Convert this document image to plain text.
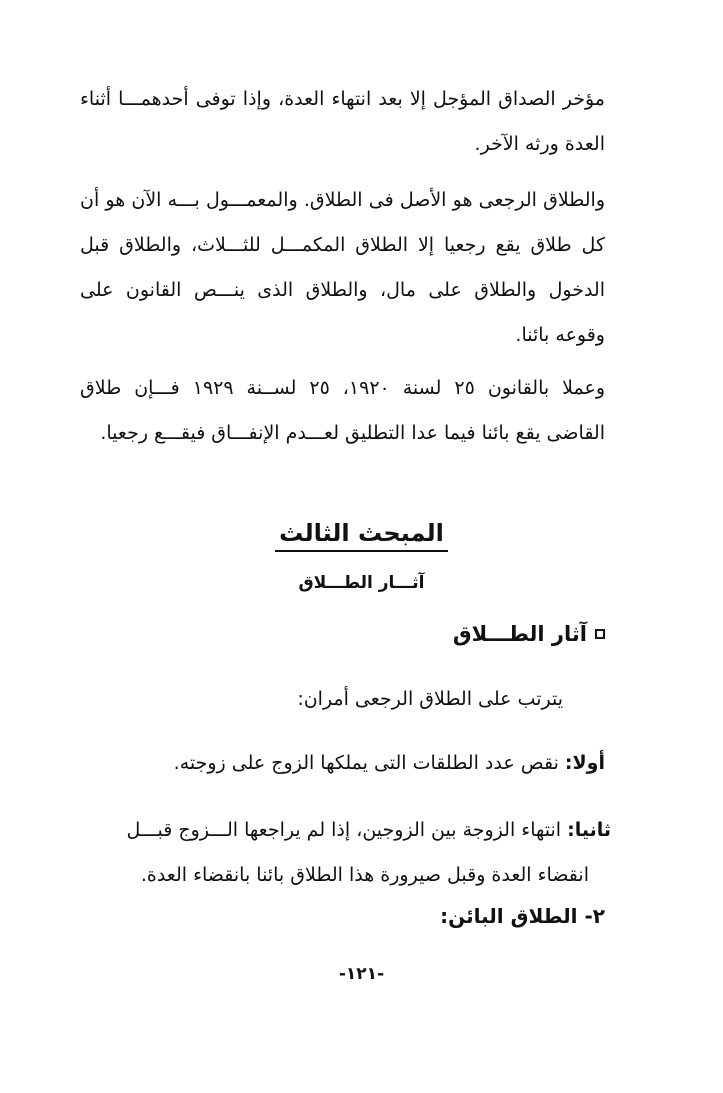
مؤخر الصداق المؤجل إلا بعد انتهاء العدة، وإذا توفى أحدهمـــا أثناء العدة ورثه الآخر.

والطلاق الرجعى هو الأصل فى الطلاق. والمعمـــول بـــه الآن هو أن كل طلاق يقع رجعيا إلا الطلاق المكمـــل للثـــلاث، والطلاق قبل الدخول والطلاق على مال، والطلاق الذى ينـــص القانون على وقوعه بائنا.

وعملا بالقانون ٢٥ لسنة ١٩٢٠، ٢٥ لســنة ١٩٢٩ فـــإن طلاق القاضى يقع بائنا فيما عدا التطليق لعـــدم الإنفـــاق فيقـــع رجعيا.

المبحث الثالث
آثـــار الطـــلاق
آثار الطـــلاق

يترتب على الطلاق الرجعى أمران:

أولا: نقص عدد الطلقات التى يملكها الزوج على زوجته.

ثانيا: انتهاء الزوجة بين الزوجين، إذا لم يراجعها الـــزوج قبـــل
انقضاء العدة وقبل صيرورة هذا الطلاق بائنا بانقضاء العدة.

٢- الطلاق البائن:

-١٢١-
